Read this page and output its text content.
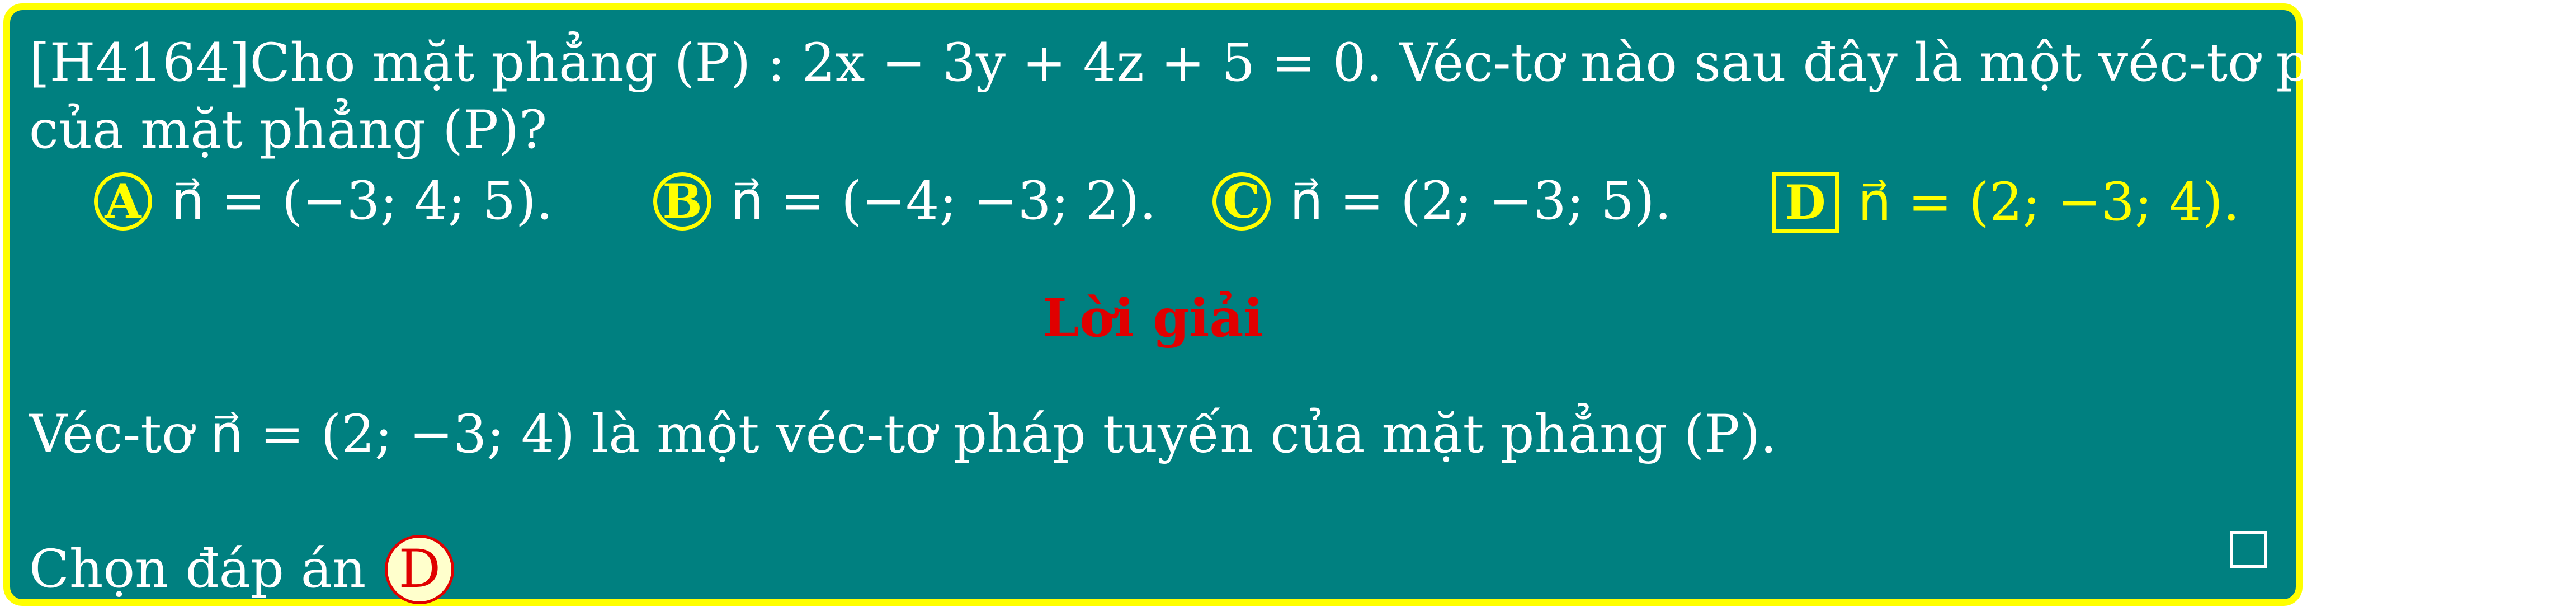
[H4164]Cho mặt phẳng (P) : 2x − 3y + 4z + 5 = 0. Véc-tơ nào sau đây là một véc-tơ pháp tuyến
của mặt phẳng (P)?
A n⃗ = (−3; 4; 5). B n⃗ = (−4; −3; 2). C n⃗ = (2; −3; 5). D n⃗ = (2; −3; 4).
Lời giải
Véc-tơ n⃗ = (2; −3; 4) là một véc-tơ pháp tuyến của mặt phẳng (P).
Chọn đáp án D
